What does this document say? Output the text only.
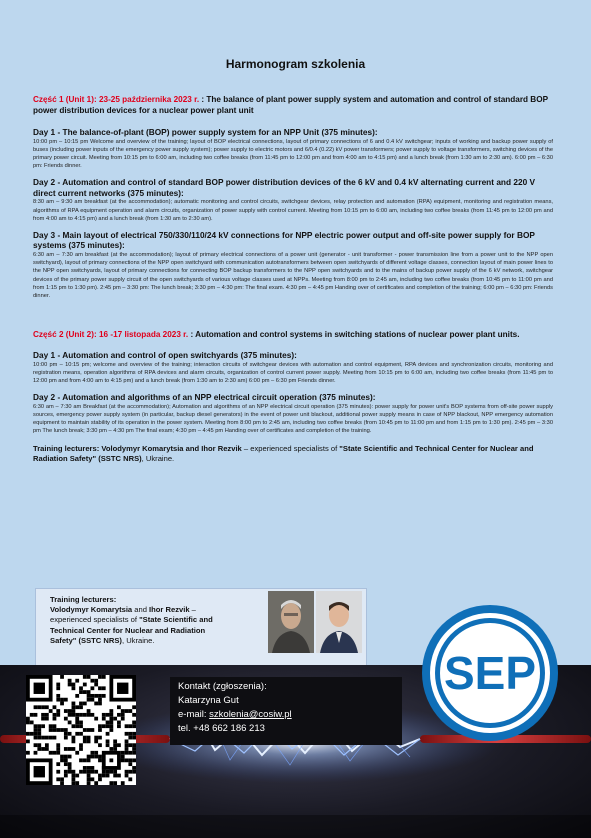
Harmonogram szkolenia

Część 1 (Unit 1): 23-25 października 2023 r. : The balance of plant power supply system and automation and control of standard BOP power distribution devices for a nuclear power plant unit

Day 1 - The balance-of-plant (BOP) power supply system for an NPP Unit (375 minutes):

10:00 pm – 10:15 pm Welcome and overview of the training; layout of BOP electrical connections, layout of primary connections of 6 and 0.4 kV switchgear; inputs of working and backup power supply of buses (including power inputs of the emergency power supply system); power supply to electric motors and 6/0.4 (0.22) kV power transformers; power supply to voltage transformers, switching devices of the primary power circuit. Meeting from 10:15 pm to 6:00 am, including two coffee breaks (from 11:45 pm to 12:00 pm and from 4:00 am to 4:15 pm) and a lunch break (from 1:30 am to 2:30 am). 6:00 pm – 6:30 pm: Friends dinner.

Day 2 - Automation and control of standard BOP power distribution devices of the 6 kV and 0.4 kV alternating current and 220 V direct current networks (375 minutes):

8:30 am – 9:30 am breakfast (at the accommodation); automatic monitoring and control circuits, switchgear devices, relay protection and automation (RPA) equipment, monitoring and registration means, algorithms of RPA equipment operation and alarm circuits, organization of power supply with control current. Meeting from 10:15 pm to 6:00 am, including two coffee breaks (from 11:45 pm to 12:00 pm and from 4:00 am to 4:15 pm) and a lunch break (from 1:30 am to 2:30 am).

Day 3 - Main layout of electrical 750/330/110/24 kV connections for NPP electric power output and off-site power supply for BOP systems (375 minutes):

6:30 am – 7:30 am breakfast (at the accommodation); layout of primary electrical connections of a power unit (generator - unit transformer - power transmission line from a power unit to the NPP open switchyard), layout of primary connections of the NPP open switchyard with communication autotransformers between open switchyards of different voltage classes, connection layout of main power lines to the NPP open switchyards, layout of primary connections for connecting BOP backup transformers to the NPP open switchyards and to the mains of backup power supply of the 6 kV network, switchgear devices of the primary power supply circuit of the open switchyards of various voltage classes used at NPPs. Meeting from 8:00 pm to 2:45 am, including two coffee breaks (from 10:45 pm to 11:00 pm and from 1:15 pm to 1:30 pm). 2:45 pm – 3:30 pm: The lunch break; 3:30 pm – 4:30 pm: The final exam. 4:30 pm – 4:45 pm Handing over of certificates and completion of the training; 6:00 pm – 6:30 pm: Friends dinner.

Część 2 (Unit 2): 16 -17 listopada 2023 r. : Automation and control systems in switching stations of nuclear power plant units.

Day 1 - Automation and control of open switchyards (375 minutes):

10:00 pm – 10:15 pm; welcome and overview of the training; interaction circuits of switchgear devices with automation and control equipment, RPA devices and synchronization circuits, monitoring and registration means, operation algorithms of RPA devices and alarm circuits, organization of control current power supply. Meeting from 10:15 pm to 6:00 am, including two coffee breaks (from 11:45 pm to 12:00 pm and from 4:00 am to 4:15 pm) and a lunch break (from 1:30 am to 2:30 am) 6:00 pm – 6:30 pm Friends dinner.

Day 2 - Automation and algorithms of an NPP electrical circuit operation (375 minutes):

6:30 am – 7:30 am Breakfast (at the accommodation); Automation and algorithms of an NPP electrical circuit operation (375 minutes): power supply for power unit's BOP systems from off-site power supply sources, emergency power supply system (in particular, backup diesel generators) in the event of power unit blackout, additional power supply means in case of NPP blackout, NPP emergency automation equipment to maintain stability of its operation in the power system. Meeting from 8:00 pm to 2:45 am, including two coffee breaks (from 10:45 pm to 11:00 pm and from 1:15 pm to 1:30 pm). 2:45 pm – 3:30 pm The lunch break; 3:30 pm – 4:30 pm The final exam; 4:30 pm – 4:45 pm Handing over of certificates and completion of the training.

Training lecturers: Volodymyr Komarytsia and Ihor Rezvik – experienced specialists of "State Scientific and Technical Center for Nuclear and Radiation Safety" (SSTC NRS), Ukraine.

Training lecturers:
Volodymyr Komarytsia and Ihor Rezvik – experienced specialists of "State Scientific and Technical Center for Nuclear and Radiation Safety" (SSTC NRS), Ukraine.
Kontakt (zgłoszenia):
Katarzyna Gut
e-mail: szkolenia@cosiw.pl
tel. +48 662 186 213
SEP
